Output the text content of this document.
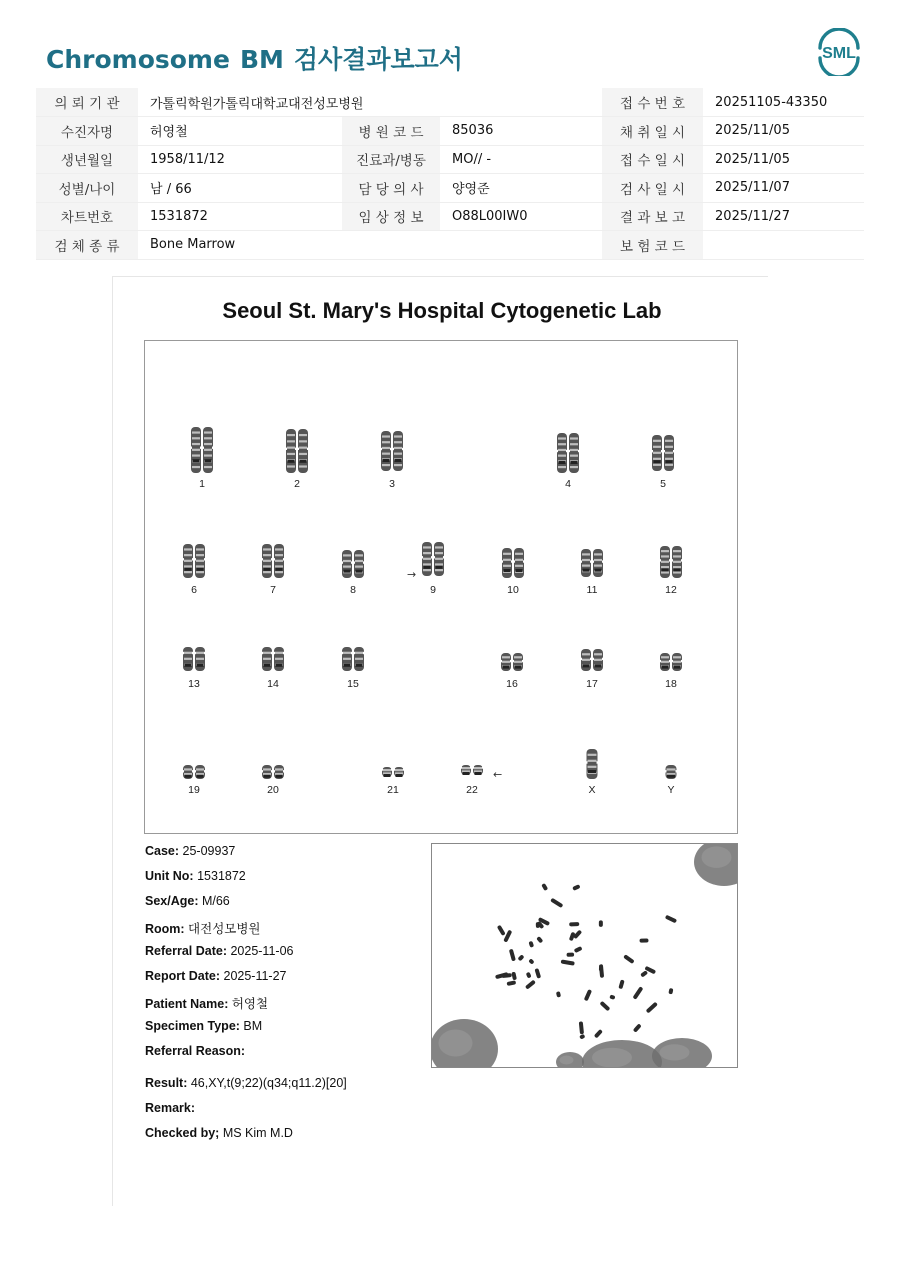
Chromosome BM 검사결과보고서	SML
의 뢰 기 관	가톨릭학원가톨릭대학교대전성모병원			접 수 번 호	20251105-43350
수진자명	허영철	병 원 코 드	85036	채 취 일 시	2025/11/05
생년월일	1958/11/12	진료과/병동	MO// -	접 수 일 시	2025/11/05
성별/나이	남 / 66	담 당 의 사	양영준	검 사 일 시	2025/11/07
차트번호	1531872	임 상 정 보	O88L00IW0	결 과 보 고	2025/11/27
검 체 종 류	Bone Marrow			보 험 코 드	
Seoul St. Mary's Hospital Cytogenetic Lab
1	2	3	4	5
6	7	8	9	10	11	12
13	14	15	16	17	18
19	20	21	22	X	Y
→
←
Case: 25-09937
Unit No: 1531872
Sex/Age: M/66
Room: 대전성모병원
Referral Date: 2025-11-06
Report Date: 2025-11-27
Patient Name: 허영철
Specimen Type: BM
Referral Reason:
Result: 46,XY,t(9;22)(q34;q11.2)[20]
Remark:
Checked by; MS Kim M.D
